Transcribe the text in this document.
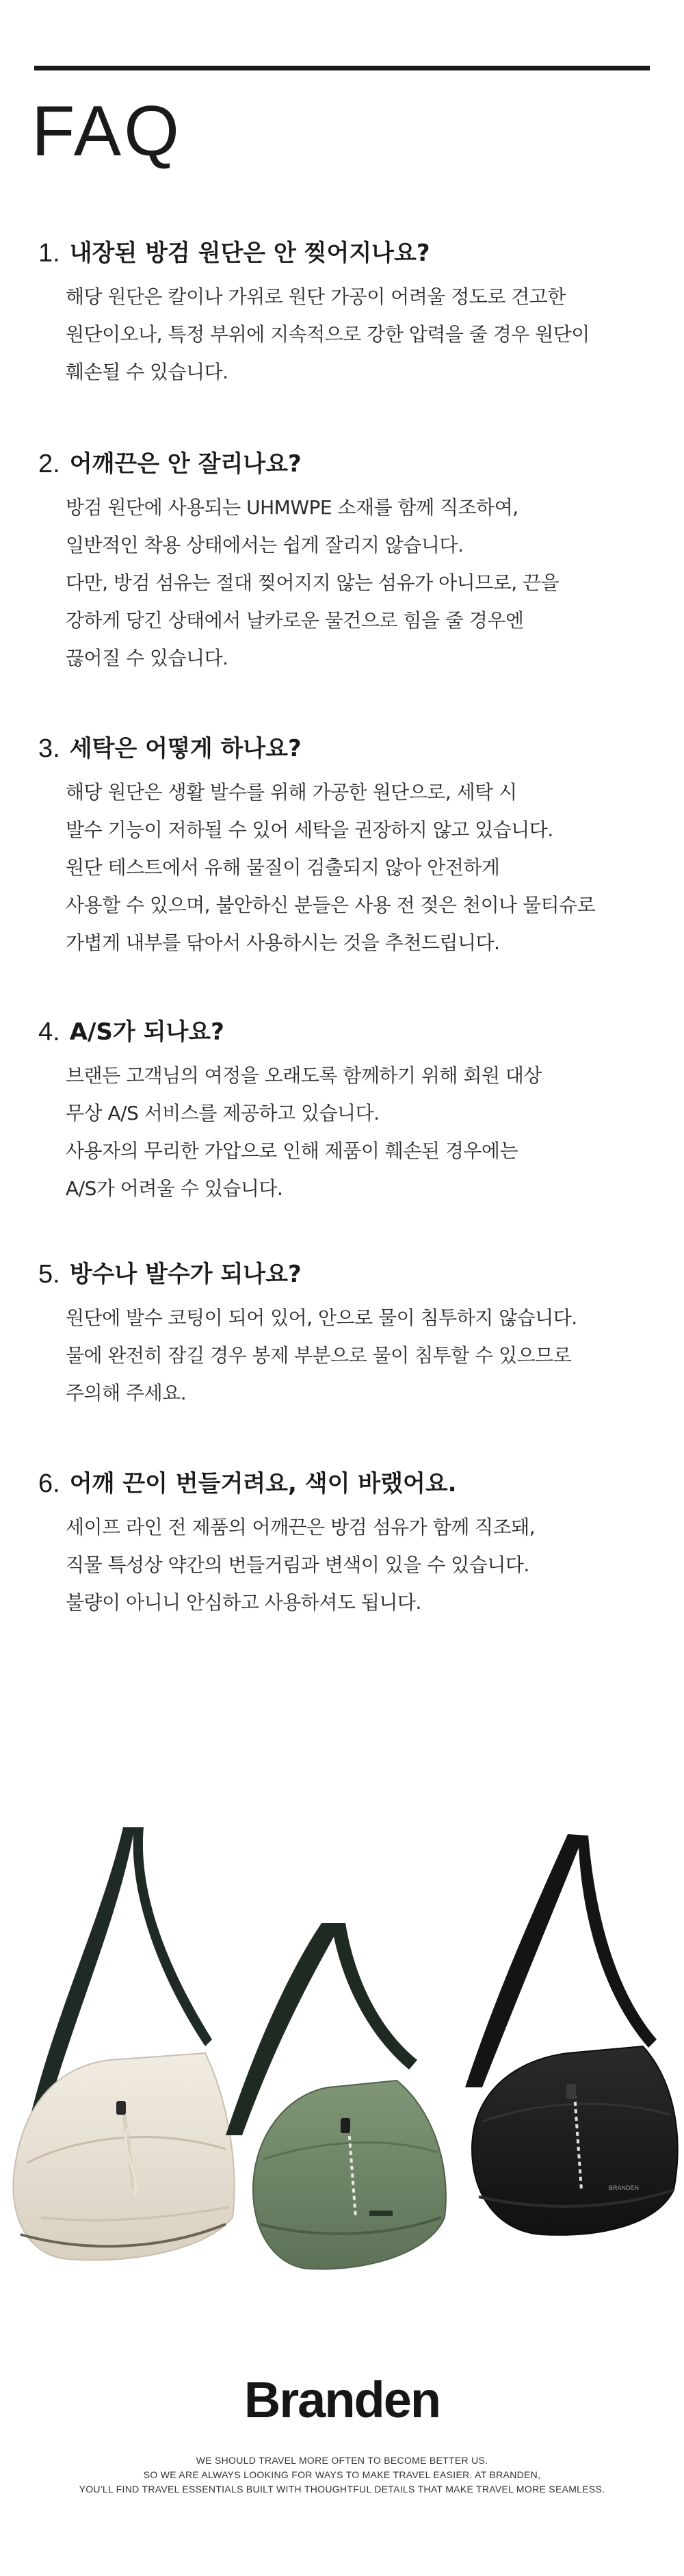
FAQ
1. 내장된 방검 원단은 안 찢어지나요?
해당 원단은 칼이나 가위로 원단 가공이 어려울 정도로 견고한
원단이오나, 특정 부위에 지속적으로 강한 압력을 줄 경우 원단이
훼손될 수 있습니다.
2. 어깨끈은 안 잘리나요?
방검 원단에 사용되는 UHMWPE 소재를 함께 직조하여,
일반적인 착용 상태에서는 쉽게 잘리지 않습니다.
다만, 방검 섬유는 절대 찢어지지 않는 섬유가 아니므로, 끈을
강하게 당긴 상태에서 날카로운 물건으로 힘을 줄 경우엔
끊어질 수 있습니다.
3. 세탁은 어떻게 하나요?
해당 원단은 생활 발수를 위해 가공한 원단으로, 세탁 시
발수 기능이 저하될 수 있어 세탁을 권장하지 않고 있습니다.
원단 테스트에서 유해 물질이 검출되지 않아 안전하게
사용할 수 있으며, 불안하신 분들은 사용 전 젖은 천이나 물티슈로
가볍게 내부를 닦아서 사용하시는 것을 추천드립니다.
4. A/S가 되나요?
브랜든 고객님의 여정을 오래도록 함께하기 위해 회원 대상
무상 A/S 서비스를 제공하고 있습니다.
사용자의 무리한 가압으로 인해 제품이 훼손된 경우에는
A/S가 어려울 수 있습니다.
5. 방수나 발수가 되나요?
원단에 발수 코팅이 되어 있어, 안으로 물이 침투하지 않습니다.
물에 완전히 잠길 경우 봉제 부분으로 물이 침투할 수 있으므로
주의해 주세요.
6. 어깨 끈이 번들거려요, 색이 바랬어요.
세이프 라인 전 제품의 어깨끈은 방검 섬유가 함께 직조돼,
직물 특성상 약간의 번들거림과 변색이 있을 수 있습니다.
불량이 아니니 안심하고 사용하셔도 됩니다.
BRANDEN
Branden
WE SHOULD TRAVEL MORE OFTEN TO BECOME BETTER US.
SO WE ARE ALWAYS LOOKING FOR WAYS TO MAKE TRAVEL EASIER. AT BRANDEN,
YOU'LL FIND TRAVEL ESSENTIALS BUILT WITH THOUGHTFUL DETAILS THAT MAKE TRAVEL MORE SEAMLESS.
